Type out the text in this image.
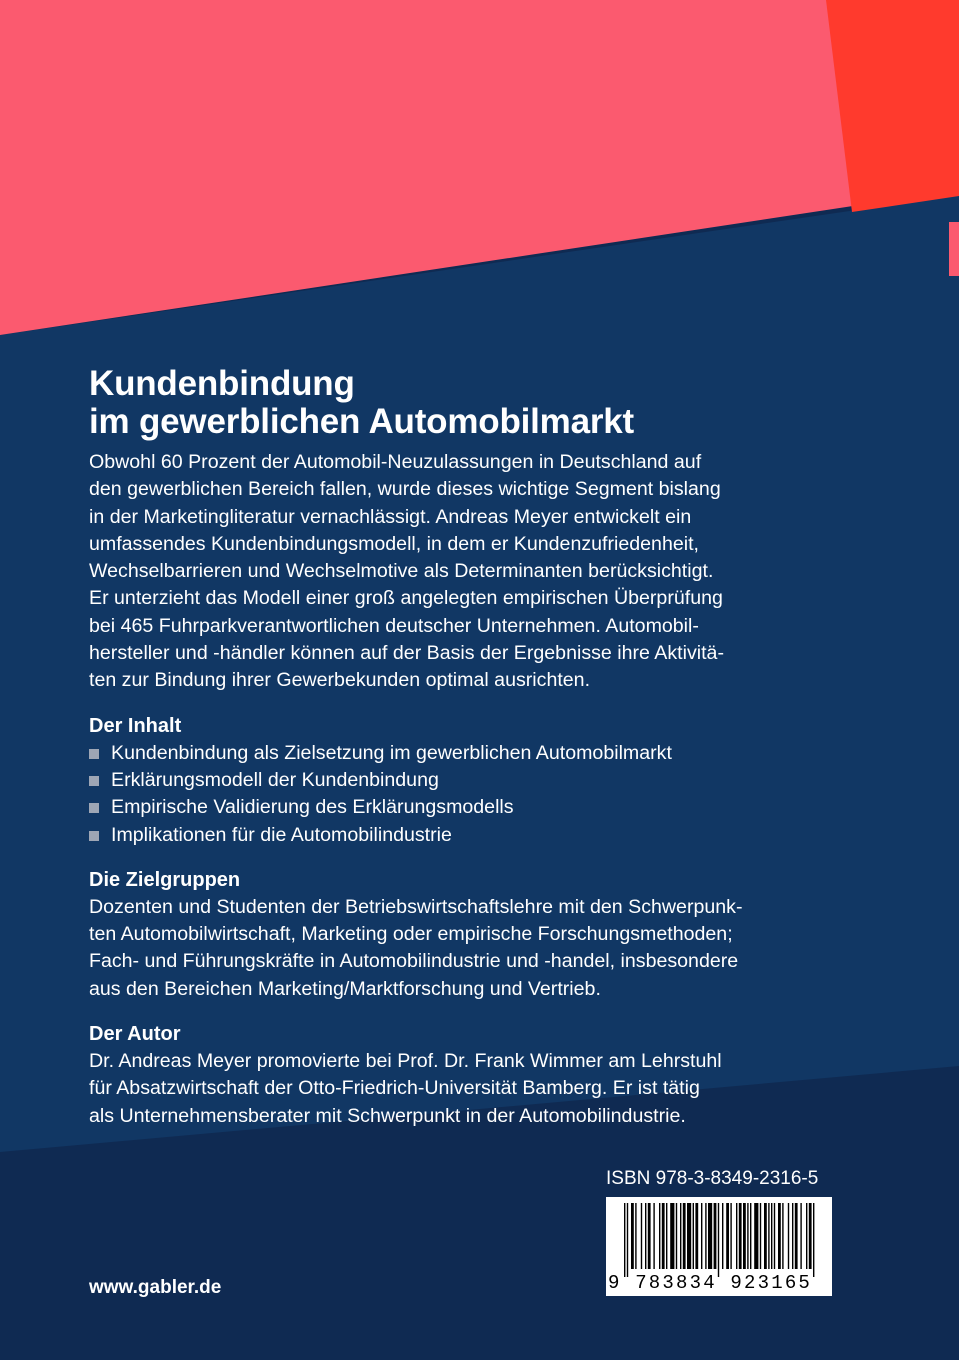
Kundenbindung
im gewerblichen Automobilmarkt
Obwohl 60 Prozent der Automobil-Neuzulassungen in Deutschland auf
den gewerblichen Bereich fallen, wurde dieses wichtige Segment bislang
in der Marketingliteratur vernachlässigt. Andreas Meyer entwickelt ein
umfassendes Kundenbindungsmodell, in dem er Kundenzufriedenheit,
Wechselbarrieren und Wechselmotive als Determinanten berücksichtigt.
Er unterzieht das Modell einer groß angelegten empirischen Überprüfung
bei 465 Fuhrparkverantwortlichen deutscher Unternehmen. Automobil-
hersteller und -händler können auf der Basis der Ergebnisse ihre Aktivitä-
ten zur Bindung ihrer Gewerbekunden optimal ausrichten.
Der Inhalt
Kundenbindung als Zielsetzung im gewerblichen Automobilmarkt
Erklärungsmodell der Kundenbindung
Empirische Validierung des Erklärungsmodells
Implikationen für die Automobilindustrie
Die Zielgruppen
Dozenten und Studenten der Betriebswirtschaftslehre mit den Schwerpunk-
ten Automobilwirtschaft, Marketing oder empirische Forschungsmethoden;
Fach- und Führungskräfte in Automobilindustrie und -handel, insbesondere
aus den Bereichen Marketing/Marktforschung und Vertrieb.
Der Autor
Dr. Andreas Meyer promovierte bei Prof. Dr. Frank Wimmer am Lehrstuhl
für Absatzwirtschaft der Otto-Friedrich-Universität Bamberg. Er ist tätig
als Unternehmensberater mit Schwerpunkt in der Automobilindustrie.
ISBN 978-3-8349-2316-5
9 783834 923165
www.gabler.de
